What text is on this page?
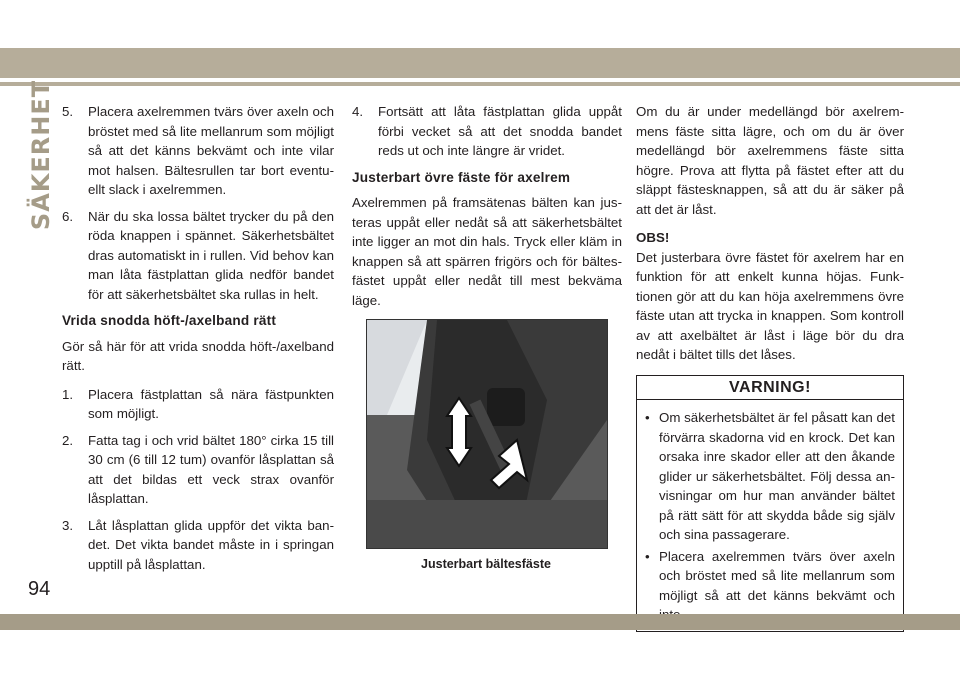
SÄKERHET 5.	Placera axelremmen tvärs över axeln och bröstet med så lite mellanrum som möjligt så att det känns bekvämt och inte vilar mot halsen. Bältesrullen tar bort eventuellt slack i axelremmen.
6.	När du ska lossa bältet trycker du på den röda knappen i spännet. Säkerhetsbältet dras automatiskt in i rullen. Vid behov kan man låta fästplattan glida nedför bandet för att säkerhetsbältet ska rullas in helt.
Vrida snodda höft-/axelband rätt

Gör så här för att vrida snodda höft-/axelband rätt.

1.	Placera fästplattan så nära fästpunkten som möjligt.
2.	Fatta tag i och vrid bältet 180° cirka 15 till 30 cm (6 till 12 tum) ovanför låsplattan så att det bildas ett veck strax ovanför låsplattan.
3.	Låt låsplattan glida uppför det vikta bandet. Det vikta bandet måste in i springan upptill på låsplattan.
4.	Fortsätt att låta fästplattan glida uppåt förbi vecket så att det snodda bandet reds ut och inte längre är vridet.
Justerbart övre fäste för axelrem

Axelremmen på framsätenas bälten kan justeras uppåt eller nedåt så att säkerhetsbältet inte ligger an mot din hals. Tryck eller kläm in knappen så att spärren frigörs och för bältesfästet uppåt eller nedåt till mest bekväma läge.

Justerbart bältesfäste

Om du är under medellängd bör axelremmens fäste sitta lägre, och om du är över medellängd bör axelremmens fäste sitta högre. Prova att flytta på fästet efter att du släppt fästesknappen, så att du är säker på att det är låst.

OBS!

Det justerbara övre fästet för axelrem har en funktion för att enkelt kunna höjas. Funktionen gör att du kan höja axelremmens övre fäste utan att trycka in knappen. Som kontroll av att axelbältet är låst i läge bör du dra nedåt i bältet tills det låses.

VARNING!
• Om säkerhetsbältet är fel påsatt kan det förvärra skadorna vid en krock. Det kan orsaka inre skador eller att den åkande glider ur säkerhetsbältet. Följ dessa anvisningar om hur man använder bältet på rätt sätt för att skydda både sig själv och sina passagerare.
• Placera axelremmen tvärs över axeln och bröstet med så lite mellanrum som möjligt så att det känns bekvämt och
94
